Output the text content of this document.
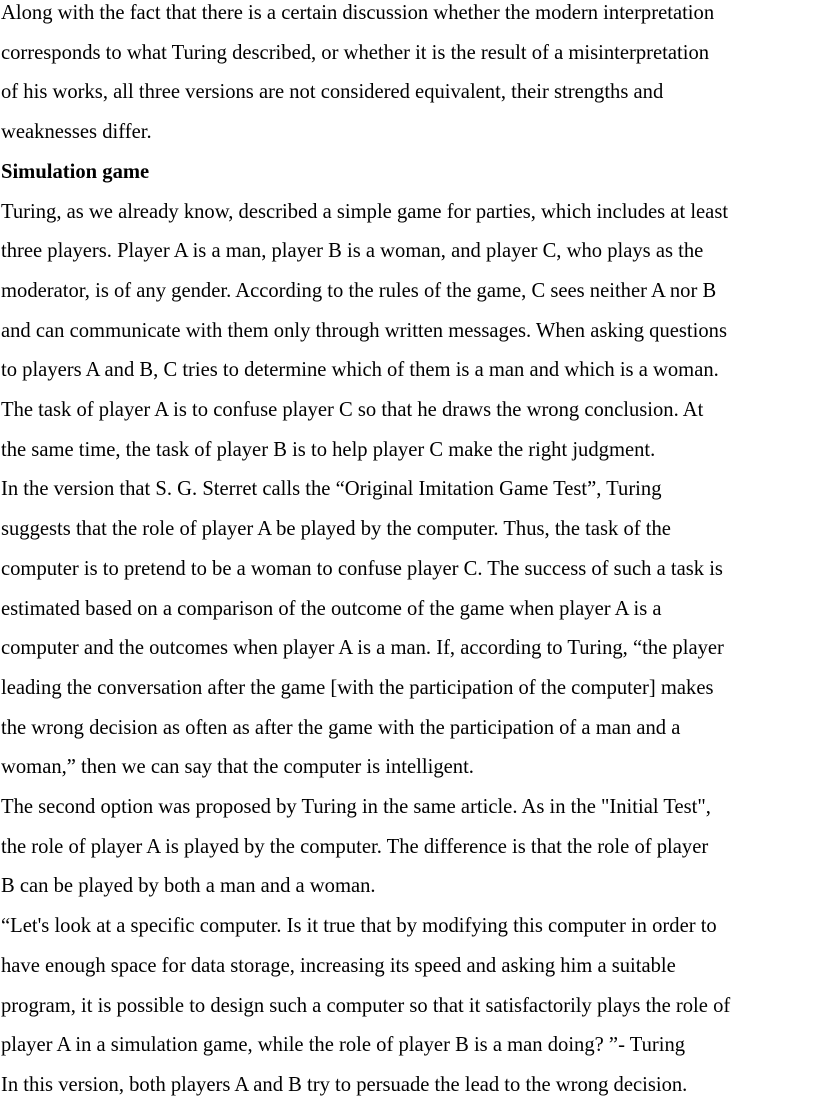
Along with the fact that there is a certain discussion whether the modern interpretation
corresponds to what Turing described, or whether it is the result of a misinterpretation
of his works, all three versions are not considered equivalent, their strengths and
weaknesses differ.

Simulation game

Turing, as we already know, described a simple game for parties, which includes at least
three players. Player A is a man, player B is a woman, and player C, who plays as the
moderator, is of any gender. According to the rules of the game, C sees neither A nor B
and can communicate with them only through written messages. When asking questions
to players A and B, C tries to determine which of them is a man and which is a woman.
The task of player A is to confuse player C so that he draws the wrong conclusion. At
the same time, the task of player B is to help player C make the right judgment.

In the version that S. G. Sterret calls the “Original Imitation Game Test”, Turing
suggests that the role of player A be played by the computer. Thus, the task of the
computer is to pretend to be a woman to confuse player C. The success of such a task is
estimated based on a comparison of the outcome of the game when player A is a
computer and the outcomes when player A is a man. If, according to Turing, “the player
leading the conversation after the game [with the participation of the computer] makes
the wrong decision as often as after the game with the participation of a man and a
woman,” then we can say that the computer is intelligent.

The second option was proposed by Turing in the same article. As in the "Initial Test",
the role of player A is played by the computer. The difference is that the role of player
B can be played by both a man and a woman.

“Let's look at a specific computer. Is it true that by modifying this computer in order to
have enough space for data storage, increasing its speed and asking him a suitable
program, it is possible to design such a computer so that it satisfactorily plays the role of
player A in a simulation game, while the role of player B is a man doing? ”- Turing

In this version, both players A and B try to persuade the lead to the wrong decision.
